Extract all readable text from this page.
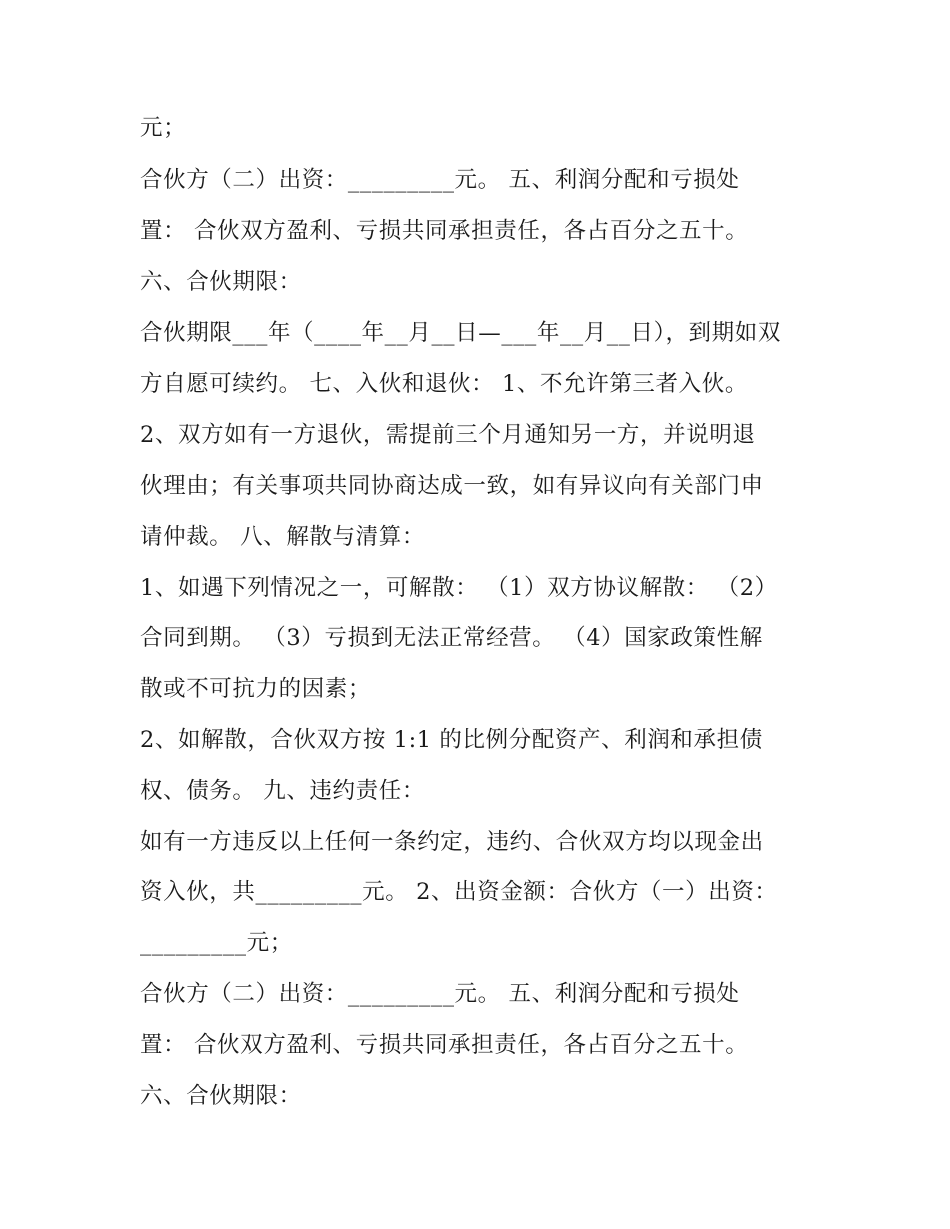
元；
合伙方（二）出资：_________元。 五、利润分配和亏损处
置： 合伙双方盈利、亏损共同承担责任，各占百分之五十。
六、合伙期限：
合伙期限___年（____年__月__日—___年__月__日），到期如双
方自愿可续约。 七、入伙和退伙： 1、不允许第三者入伙。
2、双方如有一方退伙，需提前三个月通知另一方，并说明退
伙理由；有关事项共同协商达成一致，如有异议向有关部门申
请仲裁。 八、解散与清算：
1、如遇下列情况之一，可解散： （1）双方协议解散： （2）
合同到期。 （3）亏损到无法正常经营。 （4）国家政策性解
散或不可抗力的因素；
2、如解散，合伙双方按 1:1 的比例分配资产、利润和承担债
权、债务。 九、违约责任：
如有一方违反以上任何一条约定，违约、合伙双方均以现金出
资入伙，共_________元。 2、出资金额：合伙方（一）出资：
_________元；
合伙方（二）出资：_________元。 五、利润分配和亏损处
置： 合伙双方盈利、亏损共同承担责任，各占百分之五十。
六、合伙期限：
